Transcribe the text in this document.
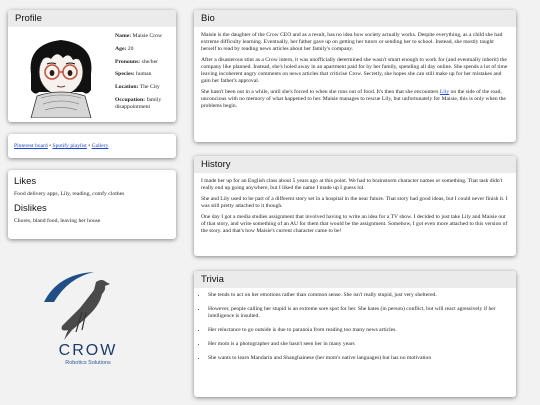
Profile
Name: Maisie Crow
Age: 20
Pronouns: she/her
Species: human
Location: The City
Occupation: family disappointment
Pinterest board • Spotify playlist • Gallery
Likes
Food delivery apps, Lily, reading, comfy clothes
Dislikes
Chores, bland food, leaving her house
CROW
Robotics Solutions
Bio

Maisie is the daughter of the Crow CEO and as a result, has no idea how society actually works. Despite everything, as a child she had extreme difficulty learning. Eventually, her father gave up on getting her tutors or sending her to school. Instead, she mostly taught herself to read by reading news articles about her family's company.

After a disasterous stint as a Crow intern, it was unofficially determined she wasn't smart enough to work for (and eventually inherit) the company like planned. Instead, she's holed away in an apartment paid for by her family, spending all day online. She spends a lot of time leaving incoherent angry comments on news articles that criticise Crow. Secretly, she hopes she can still make up for her mistakes and gain her father's approval.

She hasn't been out in a while, until she's forced to when she runs out of food. It's then that she encounters Lily on the side of the road, unconcious with no memory of what happened to her. Maisie manages to rescue Lily, but unfortunately for Maisie, this is only when the problems begin.

History

I made her up for an English class about 5 years ago at this point. We had to brainstorm character names or something. That task didn't really end up going anywhere, but I liked the name I made up I guess lol.

She and Lily used to be part of a different story set in a hospital in the near future. That story had good ideas, but I could never finish it. I was still pretty attached to it though.

One day I got a media studies assignment that involved having to write an idea for a TV show. I decided to just take Lily and Maisie out of that story, and write something of an AU for them that would be the assignment. Somehow, I got even more attached to this version of the story. and that's how Maisie's current character came to be!

Trivia
• She tends to act on her emotions rather than common sense. She isn't really stupid, just very sheltered.
• However, people calling her stupid is an extreme sore spot for her. She hates (in person) conflict, but will react agressively if her intelligence is insulted.
• Her reluctance to go outside is due to paranoia from reading too many news articles.
• Her mom is a photographer and she hasn't seen her in many years
• She wants to learn Mandarin and Shanghainese (her mom's native languages) but has no motivation
